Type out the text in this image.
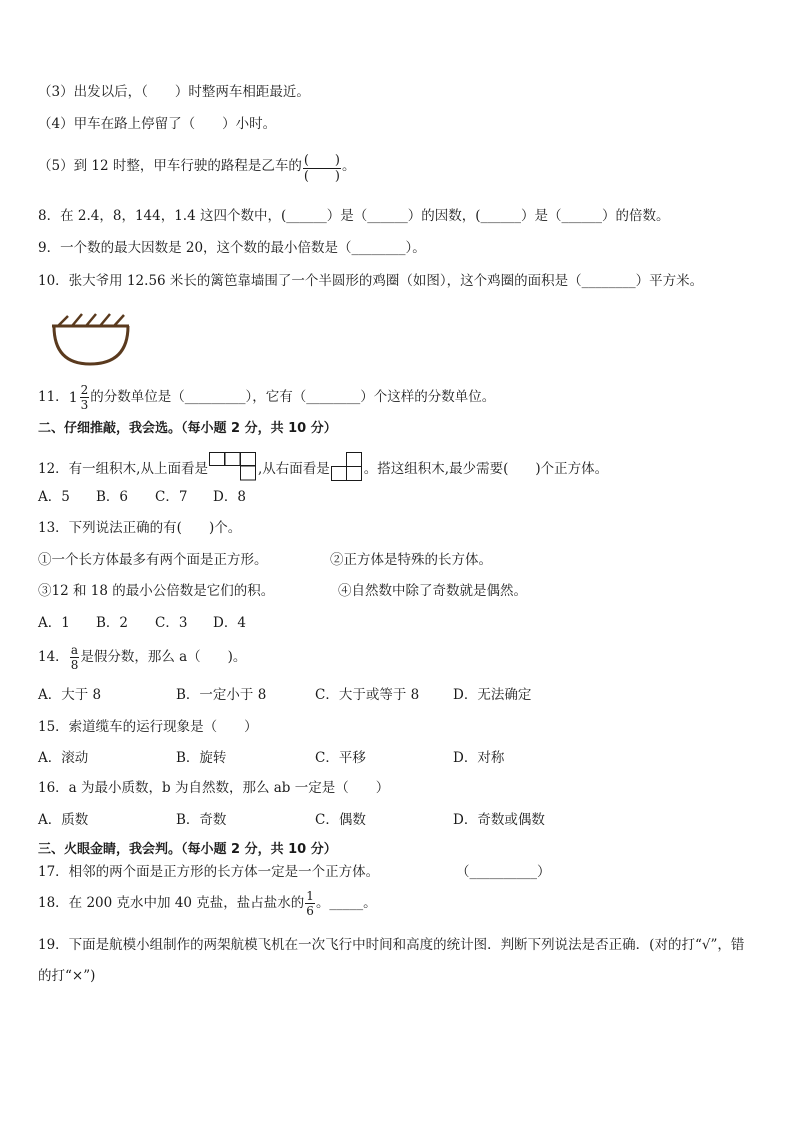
（3）出发以后，（　　）时整两车相距最近。
（4）甲车在路上停留了（　　）小时。
（5）到 12 时整，甲车行驶的路程是乙车的 $\frac{( )}{( )}$ 。
8．在 2.4，8，144，1.4 这四个数中，(______）是（______）的因数，(______）是（______）的倍数。
9．一个数的最大因数是 20，这个数的最小倍数是（________）。
10．张大爷用 12.56 米长的篱笆靠墙围了一个半圆形的鸡圈（如图），这个鸡圈的面积是（________）平方米。
11． $1 \frac{2}{3}$ 的分数单位是（_________），它有（________）个这样的分数单位。
二、仔细推敲，我会选。（每小题 2 分，共 10 分）
12．有一组积木,从上面看是	,从右面看是	。搭这组积木,最少需要(　　)个正方体。
A．5 B．6 C．7 D．8
13．下列说法正确的有(　　)个。
①一个长方体最多有两个面是正方形。	②正方体是特殊的长方体。
③12 和 18 的最小公倍数是它们的积。	④自然数中除了奇数就是偶然。
A．1 B．2 C．3 D．4
14． $\frac{a}{8}$ 是假分数，那么 a（　　)。
A．大于 8	B．一定小于 8	C．大于或等于 8	D．无法确定
15．索道缆车的运行现象是（　　）
A．滚动	B．旋转	C．平移	D．对称
16．a 为最小质数，b 为自然数，那么 ab 一定是（　　）
A．质数	B．奇数	C．偶数	D．奇数或偶数
三、火眼金睛，我会判。（每小题 2 分，共 10 分）
17．相邻的两个面是正方形的长方体一定是一个正方体。	（__________）
18．在 200 克水中加 40 克盐，盐占盐水的 $\frac{1}{6}$ 。_____。
19．下面是航模小组制作的两架航模飞机在一次飞行中时间和高度的统计图．判断下列说法是否正确．(对的打“√”，错
的打“×”)
